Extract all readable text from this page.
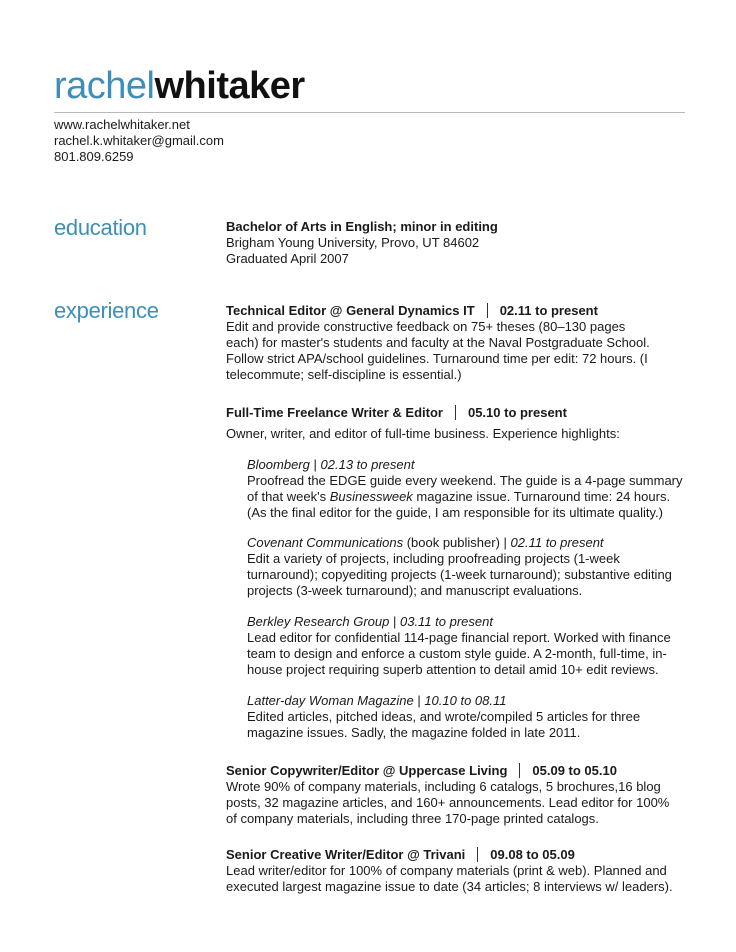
rachelwhitaker

www.rachelwhitaker.net

rachel.k.whitaker@gmail.com

801.809.6259

education	Bachelor of Arts in English; minor in editing

Brigham Young University, Provo, UT 84602

Graduated April 2007

experience	Technical Editor @ General Dynamics IT 02.11 to present

Edit and provide constructive feedback on 75+ theses (80–130 pages

each) for master's students and faculty at the Naval Postgraduate School.

Follow strict APA/school guidelines. Turnaround time per edit: 72 hours. (I

telecommute; self-discipline is essential.)

Full-Time Freelance Writer & Editor 05.10 to present

Owner, writer, and editor of full-time business. Experience highlights:

Bloomberg | 02.13 to present

Proofread the EDGE guide every weekend. The guide is a 4-page summary

of that week's Businessweek magazine issue. Turnaround time: 24 hours.

(As the final editor for the guide, I am responsible for its ultimate quality.)

Covenant Communications (book publisher) | 02.11 to present

Edit a variety of projects, including proofreading projects (1-week

turnaround); copyediting projects (1-week turnaround); substantive editing

projects (3-week turnaround); and manuscript evaluations.

Berkley Research Group | 03.11 to present

Lead editor for confidential 114-page financial report. Worked with finance

team to design and enforce a custom style guide. A 2-month, full-time, in-

house project requiring superb attention to detail amid 10+ edit reviews.

Latter-day Woman Magazine | 10.10 to 08.11

Edited articles, pitched ideas, and wrote/compiled 5 articles for three

magazine issues. Sadly, the magazine folded in late 2011.

Senior Copywriter/Editor @ Uppercase Living 05.09 to 05.10

Wrote 90% of company materials, including 6 catalogs, 5 brochures,16 blog

posts, 32 magazine articles, and 160+ announcements. Lead editor for 100%

of company materials, including three 170-page printed catalogs.

Senior Creative Writer/Editor @ Trivani 09.08 to 05.09

Lead writer/editor for 100% of company materials (print & web). Planned and

executed largest magazine issue to date (34 articles; 8 interviews w/ leaders).
